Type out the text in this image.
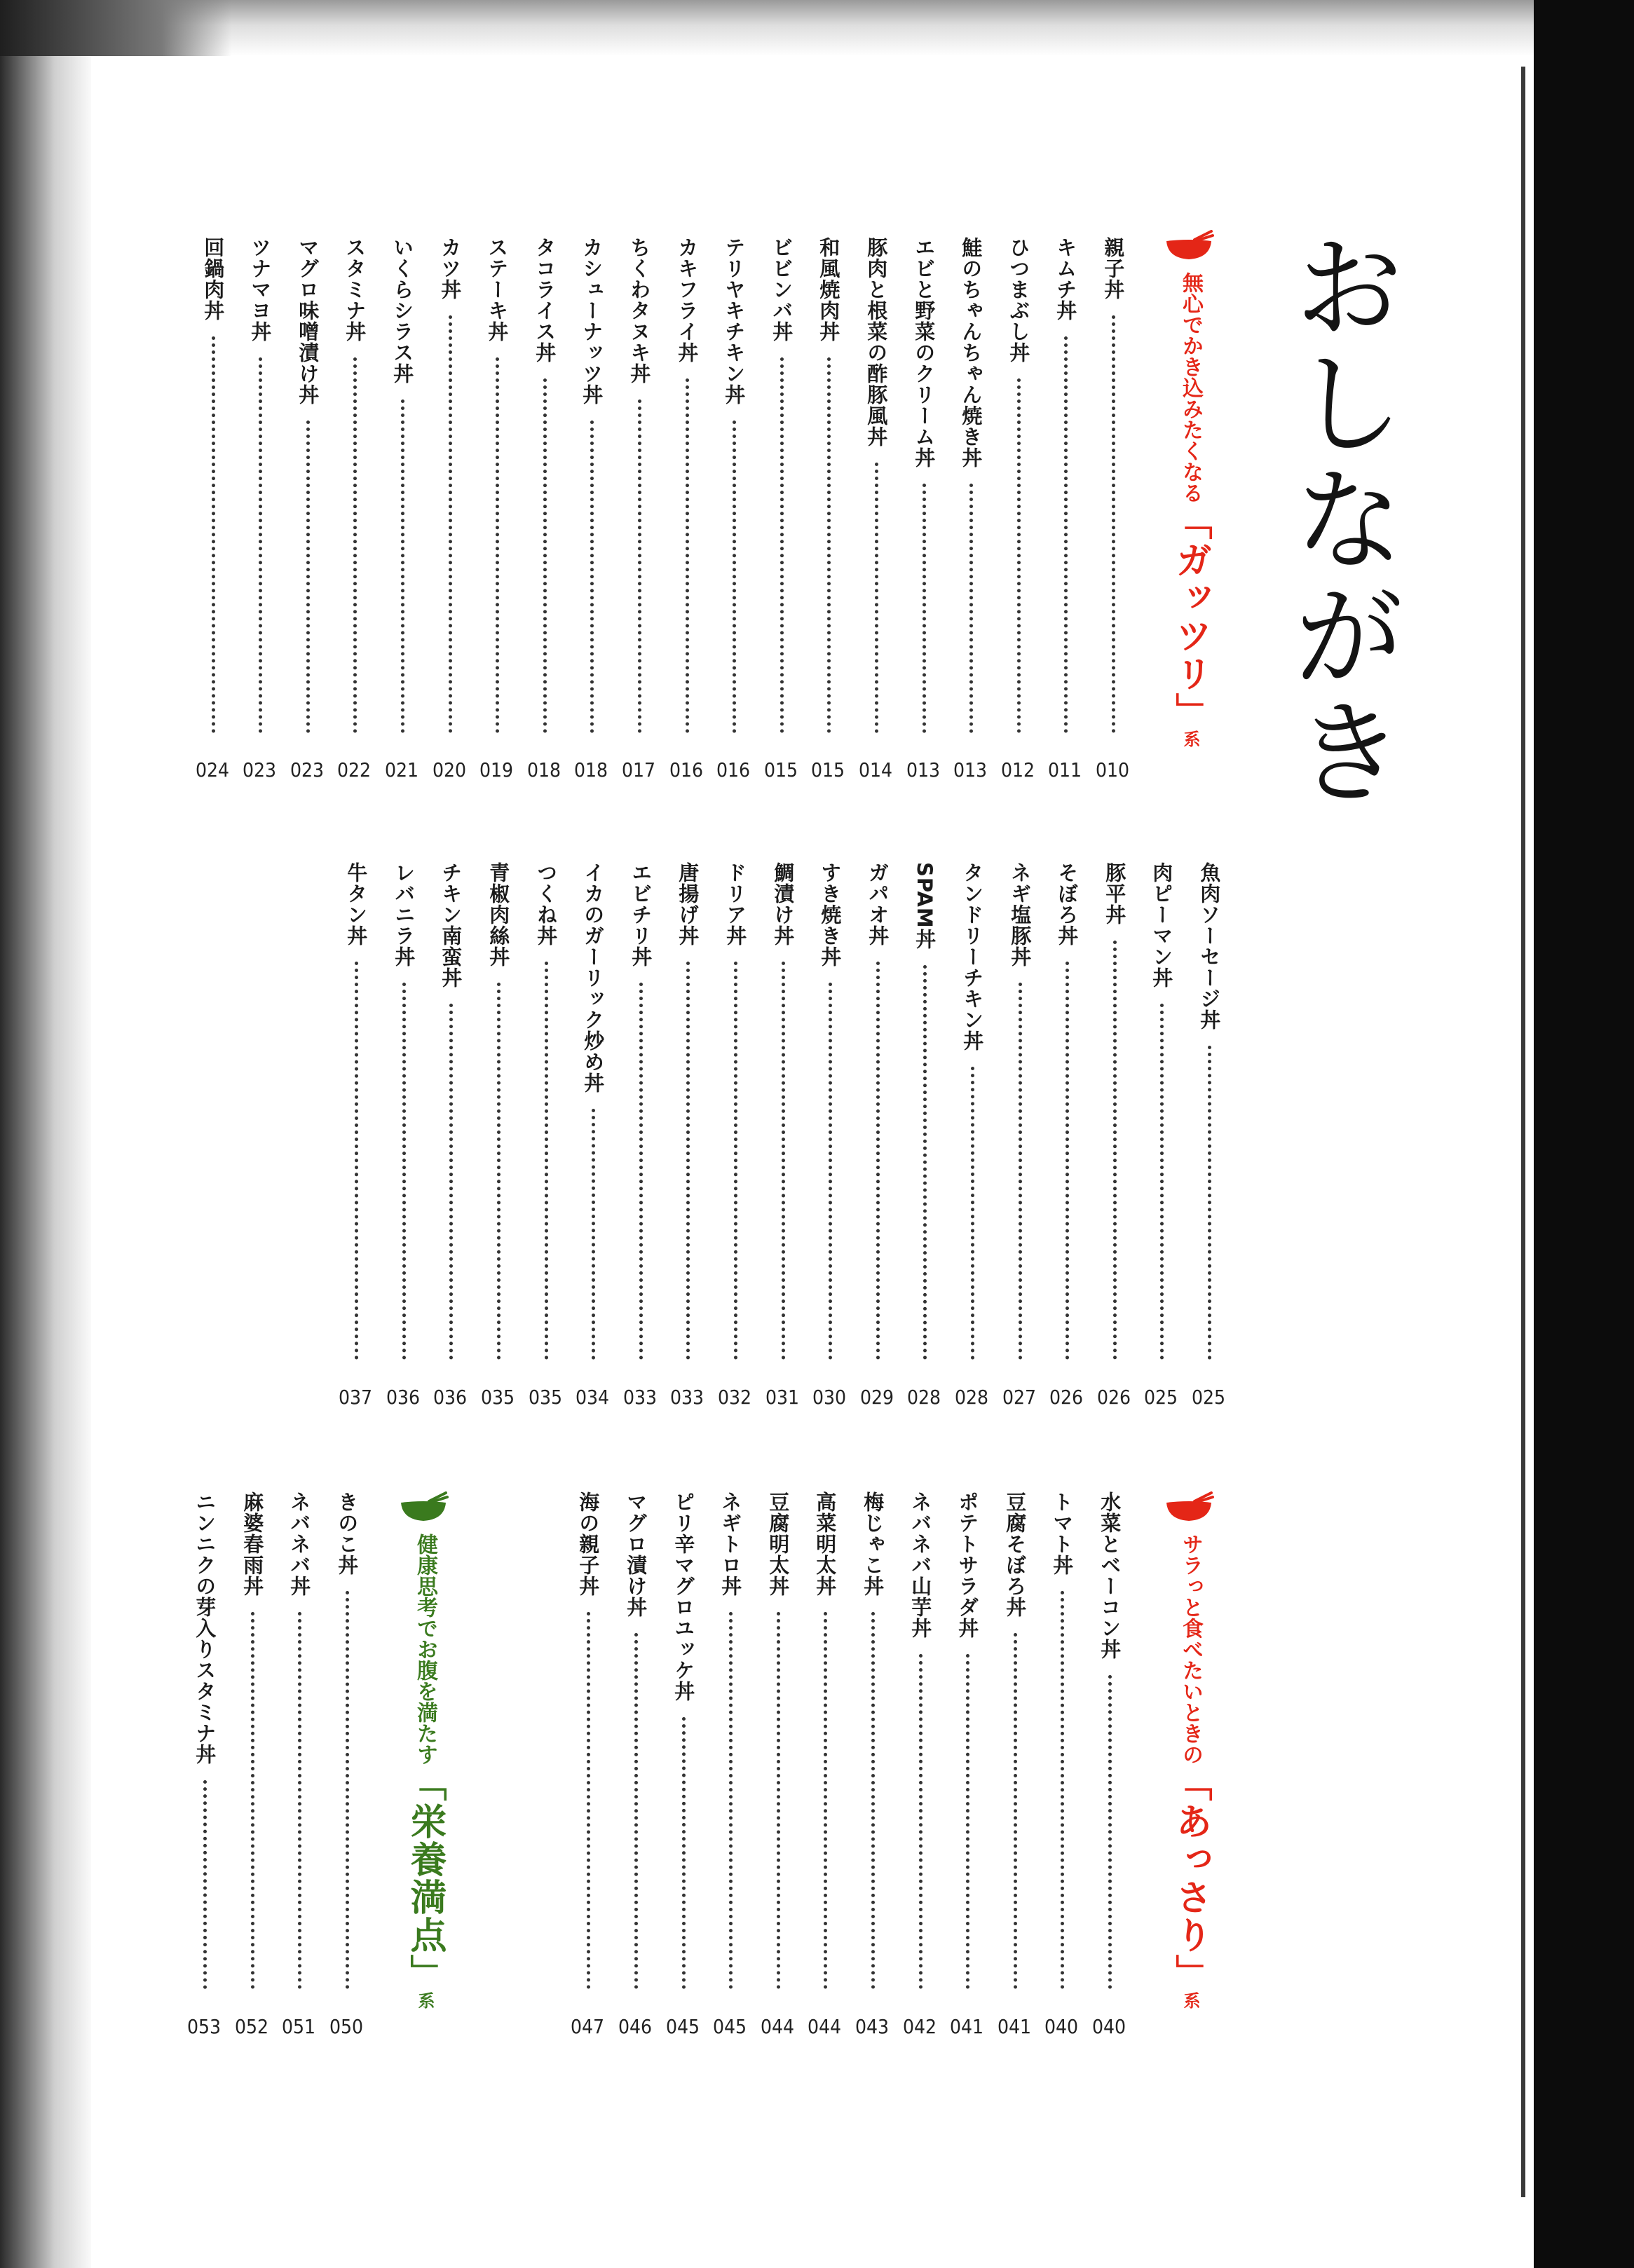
おしながき
無心でかき込みたくなる「ガッツリ」系
サラっと食べたいときの「あっさり」系
健康思考でお腹を満たす「栄養満点」系
親子丼
010
キムチ丼
011
ひつまぶし丼
012
鮭のちゃんちゃん焼き丼
013
エビと野菜のクリーム丼
013
豚肉と根菜の酢豚風丼
014
和風焼肉丼
015
ビビンバ丼
015
テリヤキチキン丼
016
カキフライ丼
016
ちくわタヌキ丼
017
カシューナッツ丼
018
タコライス丼
018
ステーキ丼
019
カツ丼
020
いくらシラス丼
021
スタミナ丼
022
マグロ味噌漬け丼
023
ツナマヨ丼
023
回鍋肉丼
024
魚肉ソーセージ丼
025
肉ピーマン丼
025
豚平丼
026
そぼろ丼
026
ネギ塩豚丼
027
タンドリーチキン丼
028
SPAM丼
028
ガパオ丼
029
すき焼き丼
030
鯛漬け丼
031
ドリア丼
032
唐揚げ丼
033
エビチリ丼
033
イカのガーリック炒め丼
034
つくね丼
035
青椒肉絲丼
035
チキン南蛮丼
036
レバニラ丼
036
牛タン丼
037
水菜とベーコン丼
040
トマト丼
040
豆腐そぼろ丼
041
ポテトサラダ丼
041
ネバネバ山芋丼
042
梅じゃこ丼
043
高菜明太丼
044
豆腐明太丼
044
ネギトロ丼
045
ピリ辛マグロユッケ丼
045
マグロ漬け丼
046
海の親子丼
047
きのこ丼
050
ネバネバ丼
051
麻婆春雨丼
052
ニンニクの芽入りスタミナ丼
053
